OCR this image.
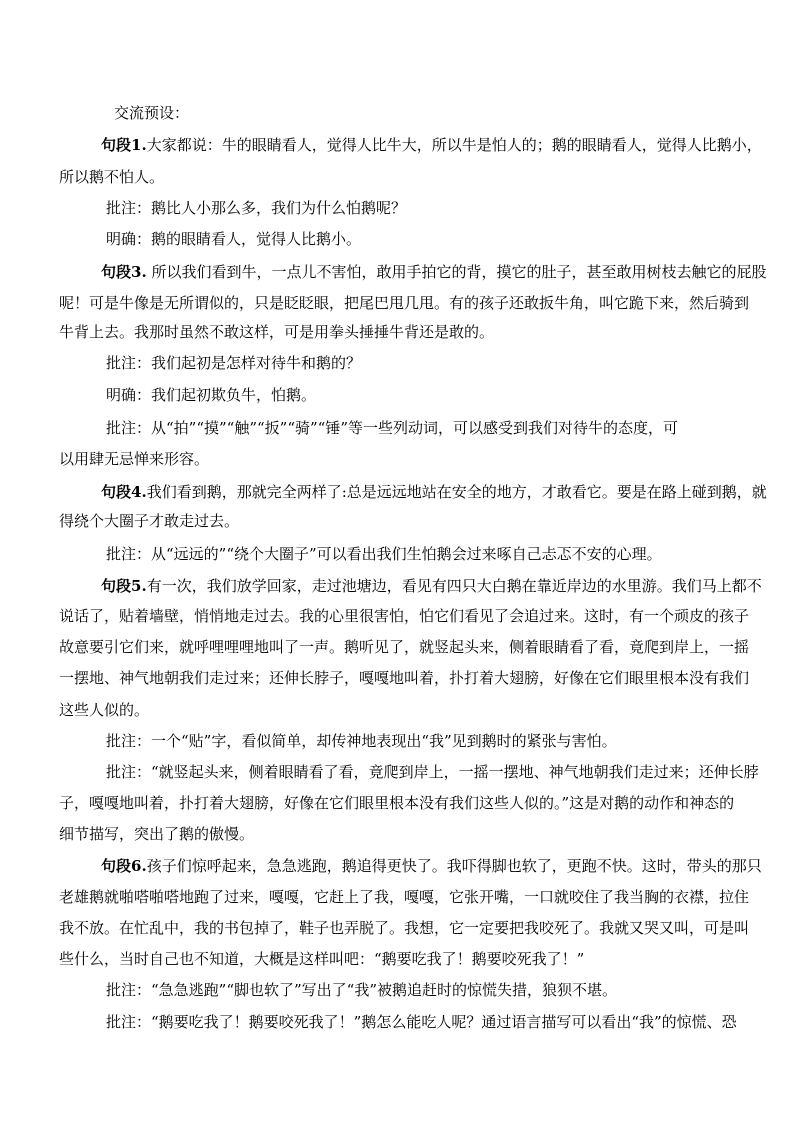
交流预设：
句段1.大家都说：牛的眼睛看人，觉得人比牛大，所以牛是怕人的；鹅的眼睛看人，觉得人比鹅小，
所以鹅不怕人。
批注：鹅比人小那么多，我们为什么怕鹅呢？
明确：鹅的眼睛看人，觉得人比鹅小。
句段3. 所以我们看到牛，一点儿不害怕，敢用手拍它的背，摸它的肚子，甚至敢用树枝去触它的屁股
呢！可是牛像是无所谓似的，只是眨眨眼，把尾巴甩几甩。有的孩子还敢扳牛角，叫它跪下来，然后骑到
牛背上去。我那时虽然不敢这样，可是用拳头捶捶牛背还是敢的。
批注：我们起初是怎样对待牛和鹅的？
明确：我们起初欺负牛，怕鹅。
批注：从“拍”“摸”“触”“扳”“骑”“锤”等一些列动词，可以感受到我们对待牛的态度，可
以用肆无忌惮来形容。
句段4.我们看到鹅，那就完全两样了:总是远远地站在安全的地方，才敢看它。要是在路上碰到鹅，就
得绕个大圈子才敢走过去。
批注：从“远远的”“绕个大圈子”可以看出我们生怕鹅会过来啄自己忐忑不安的心理。
句段5.有一次，我们放学回家，走过池塘边，看见有四只大白鹅在靠近岸边的水里游。我们马上都不
说话了，贴着墙壁，悄悄地走过去。我的心里很害怕，怕它们看见了会追过来。这时，有一个顽皮的孩子
故意要引它们来，就呼哩哩哩地叫了一声。鹅听见了，就竖起头来，侧着眼睛看了看，竟爬到岸上，一摇
一摆地、神气地朝我们走过来；还伸长脖子，嘎嘎地叫着，扑打着大翅膀，好像在它们眼里根本没有我们
这些人似的。
批注：一个“贴”字，看似简单，却传神地表现出“我”见到鹅时的紧张与害怕。
批注：“就竖起头来，侧着眼睛看了看，竟爬到岸上，一摇一摆地、神气地朝我们走过来；还伸长脖
子，嘎嘎地叫着，扑打着大翅膀，好像在它们眼里根本没有我们这些人似的。”这是对鹅的动作和神态的
细节描写，突出了鹅的傲慢。
句段6.孩子们惊呼起来，急急逃跑，鹅追得更快了。我吓得脚也软了，更跑不快。这时，带头的那只
老雄鹅就啪嗒啪嗒地跑了过来，嘎嘎，它赶上了我，嘎嘎，它张开嘴，一口就咬住了我当胸的衣襟，拉住
我不放。在忙乱中，我的书包掉了，鞋子也弄脱了。我想，它一定要把我咬死了。我就又哭又叫，可是叫
些什么，当时自己也不知道，大概是这样叫吧：“鹅要吃我了！鹅要咬死我了！”
批注：“急急逃跑”“脚也软了”写出了“我”被鹅追赶时的惊慌失措，狼狈不堪。
批注：“鹅要吃我了！鹅要咬死我了！”鹅怎么能吃人呢？通过语言描写可以看出“我”的惊慌、恐
